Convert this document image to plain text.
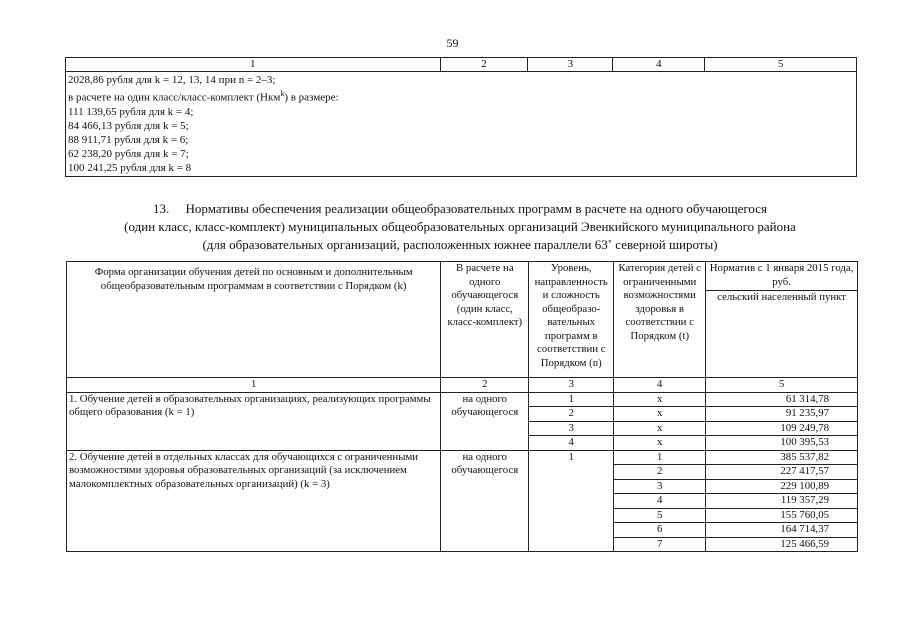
59
1	2	3	4	5

2028,86 рубля для k = 12, 13, 14 при n = 2–3;
в расчете на один класс/класс-комплект (Нкм$^k$) в размере:
111 139,65 рубля для k = 4;
84 466,13 рубля для k = 5;
88 911,71 рубля для k = 6;
62 238,20 рубля для k = 7;
100 241,25 рубля для k = 8
13. Нормативы обеспечения реализации общеобразовательных программ в расчете на одного обучающегося
(один класс, класс-комплект) муниципальных общеобразовательных организаций Эвенкийского муниципального района
(для образовательных организаций, расположенных южнее параллели 63˚ северной широты)
Форма организации обучения детей по основным и дополнительным общеобразовательным программам в соответствии с Порядком (k)	В расчете на одного обучающегося (один класс, класс-комплект)	Уровень, направленность и сложность общеобразо-вательных программ в соответствии с Порядком (n)	Категория детей с ограниченными возможностями здоровья в соответствии с Порядком (t)	Норматив с 1 января 2015 года, руб.
				сельский населенный пункт
1	2	3	4	5
1. Обучение детей в образовательных организациях, реализующих программы общего образования (k = 1)	на одного обучающегося	1	x	61 314,78
		2	x	91 235,97
		3	x	109 249,78
		4	x	100 395,53
2. Обучение детей в отдельных классах для обучающихся с ограниченными возможностями здоровья образовательных организаций (за исключением малокомплектных образовательных организаций) (k = 3)	на одного обучающегося	1	1	385 537,82
			2	227 417,57
			3	229 100,89
			4	119 357,29
			5	155 760,05
			6	164 714,37
			7	125 466,59
